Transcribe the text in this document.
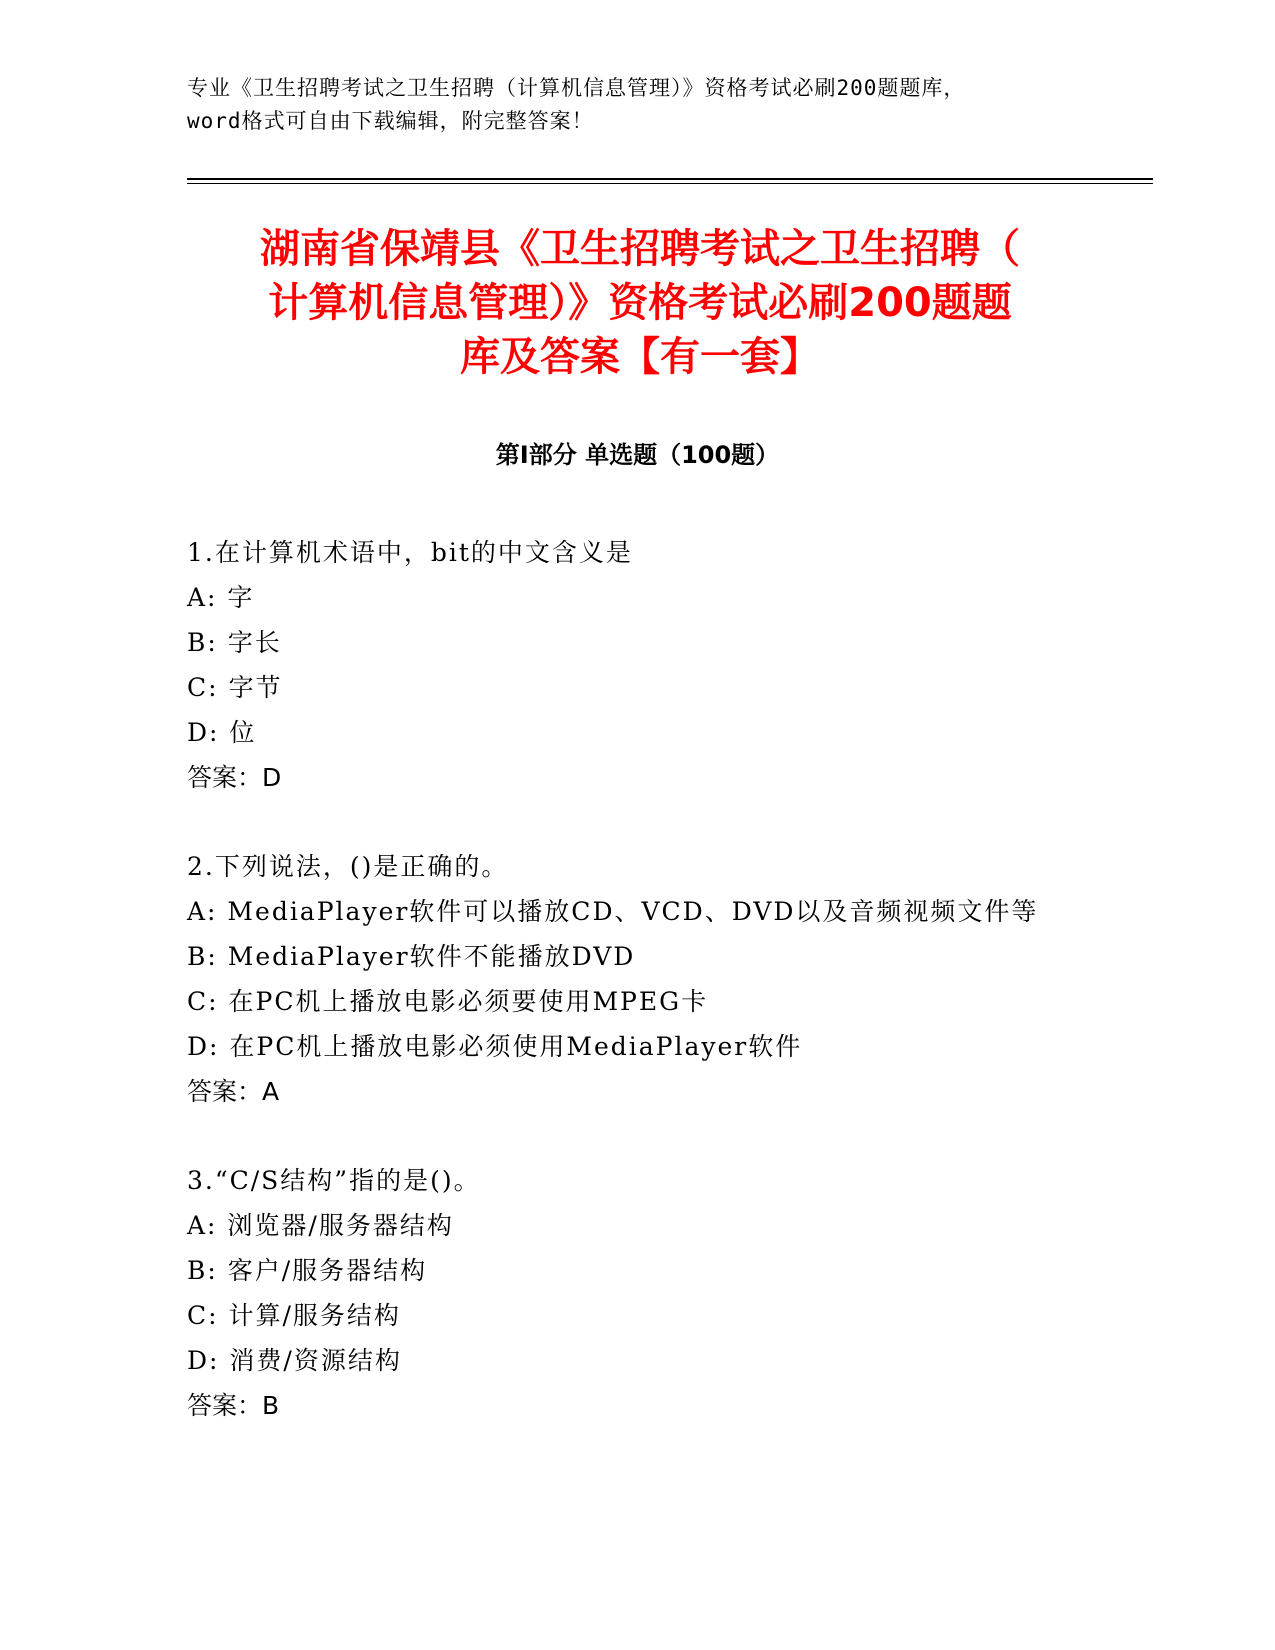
专业《卫生招聘考试之卫生招聘（计算机信息管理）》资格考试必刷200题题库，
word格式可自由下载编辑，附完整答案！
湖南省保靖县《卫生招聘考试之卫生招聘（
计算机信息管理）》资格考试必刷200题题
库及答案【有一套】
第Ⅰ部分 单选题（100题）
1.在计算机术语中，bit的中文含义是
A: 字
B: 字长
C: 字节
D: 位
答案：D
2.下列说法，()是正确的。
A: MediaPlayer软件可以播放CD、VCD、DVD以及音频视频文件等
B: MediaPlayer软件不能播放DVD
C: 在PC机上播放电影必须要使用MPEG卡
D: 在PC机上播放电影必须使用MediaPlayer软件
答案：A
3.“C/S结构”指的是()。
A: 浏览器/服务器结构
B: 客户/服务器结构
C: 计算/服务结构
D: 消费/资源结构
答案：B
